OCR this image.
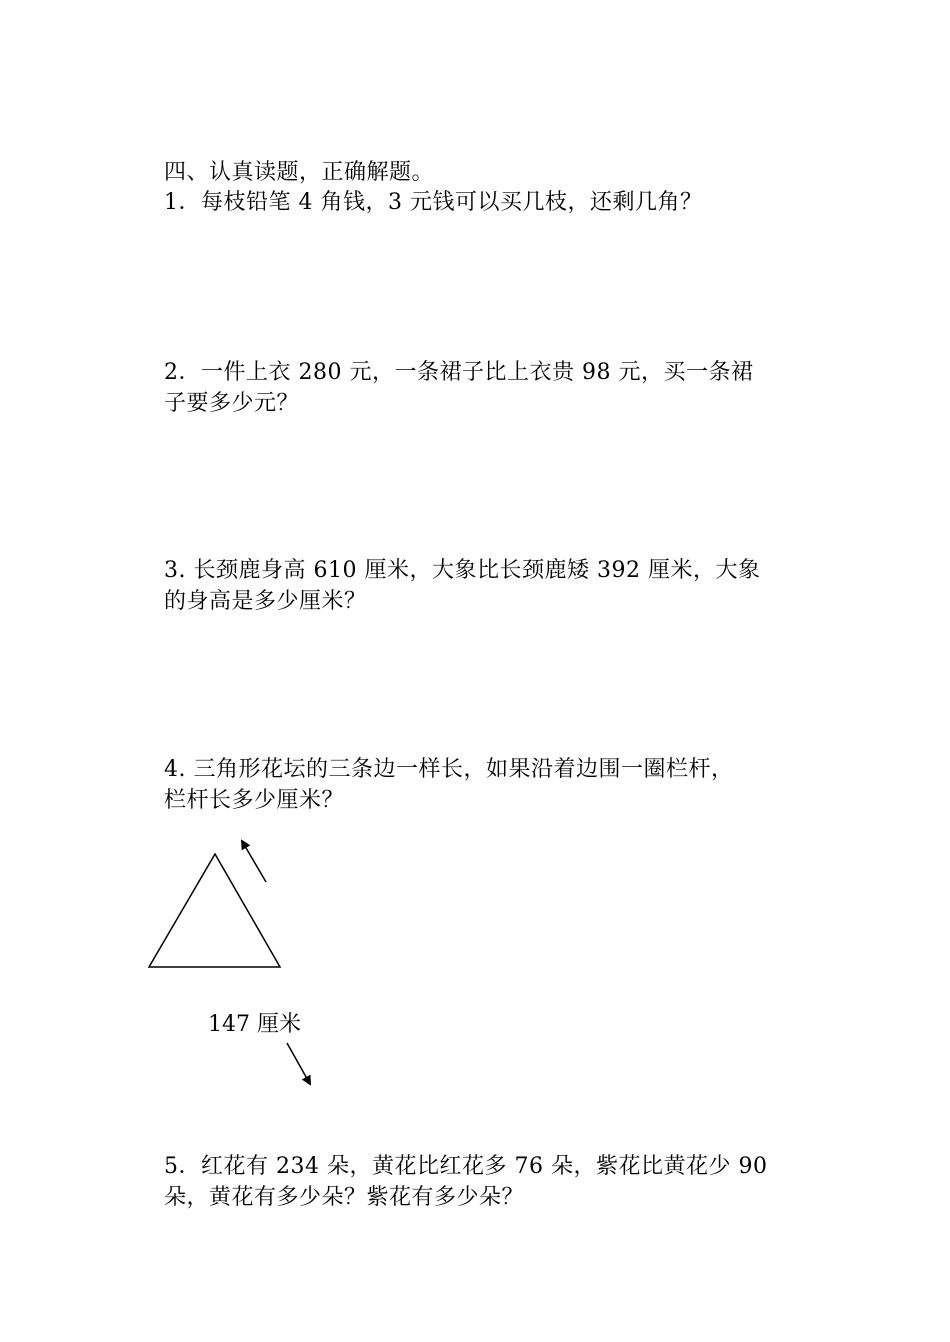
四、认真读题，正确解题。
1．每枝铅笔 4 角钱，3 元钱可以买几枝，还剩几角？
2．一件上衣 280 元，一条裙子比上衣贵 98 元，买一条裙
子要多少元？
3. 长颈鹿身高 610 厘米，大象比长颈鹿矮 392 厘米，大象
的身高是多少厘米？
4. 三角形花坛的三条边一样长，如果沿着边围一圈栏杆，
栏杆长多少厘米？
147 厘米
5．红花有 234 朵，黄花比红花多 76 朵，紫花比黄花少 90
朵，黄花有多少朵？紫花有多少朵？
